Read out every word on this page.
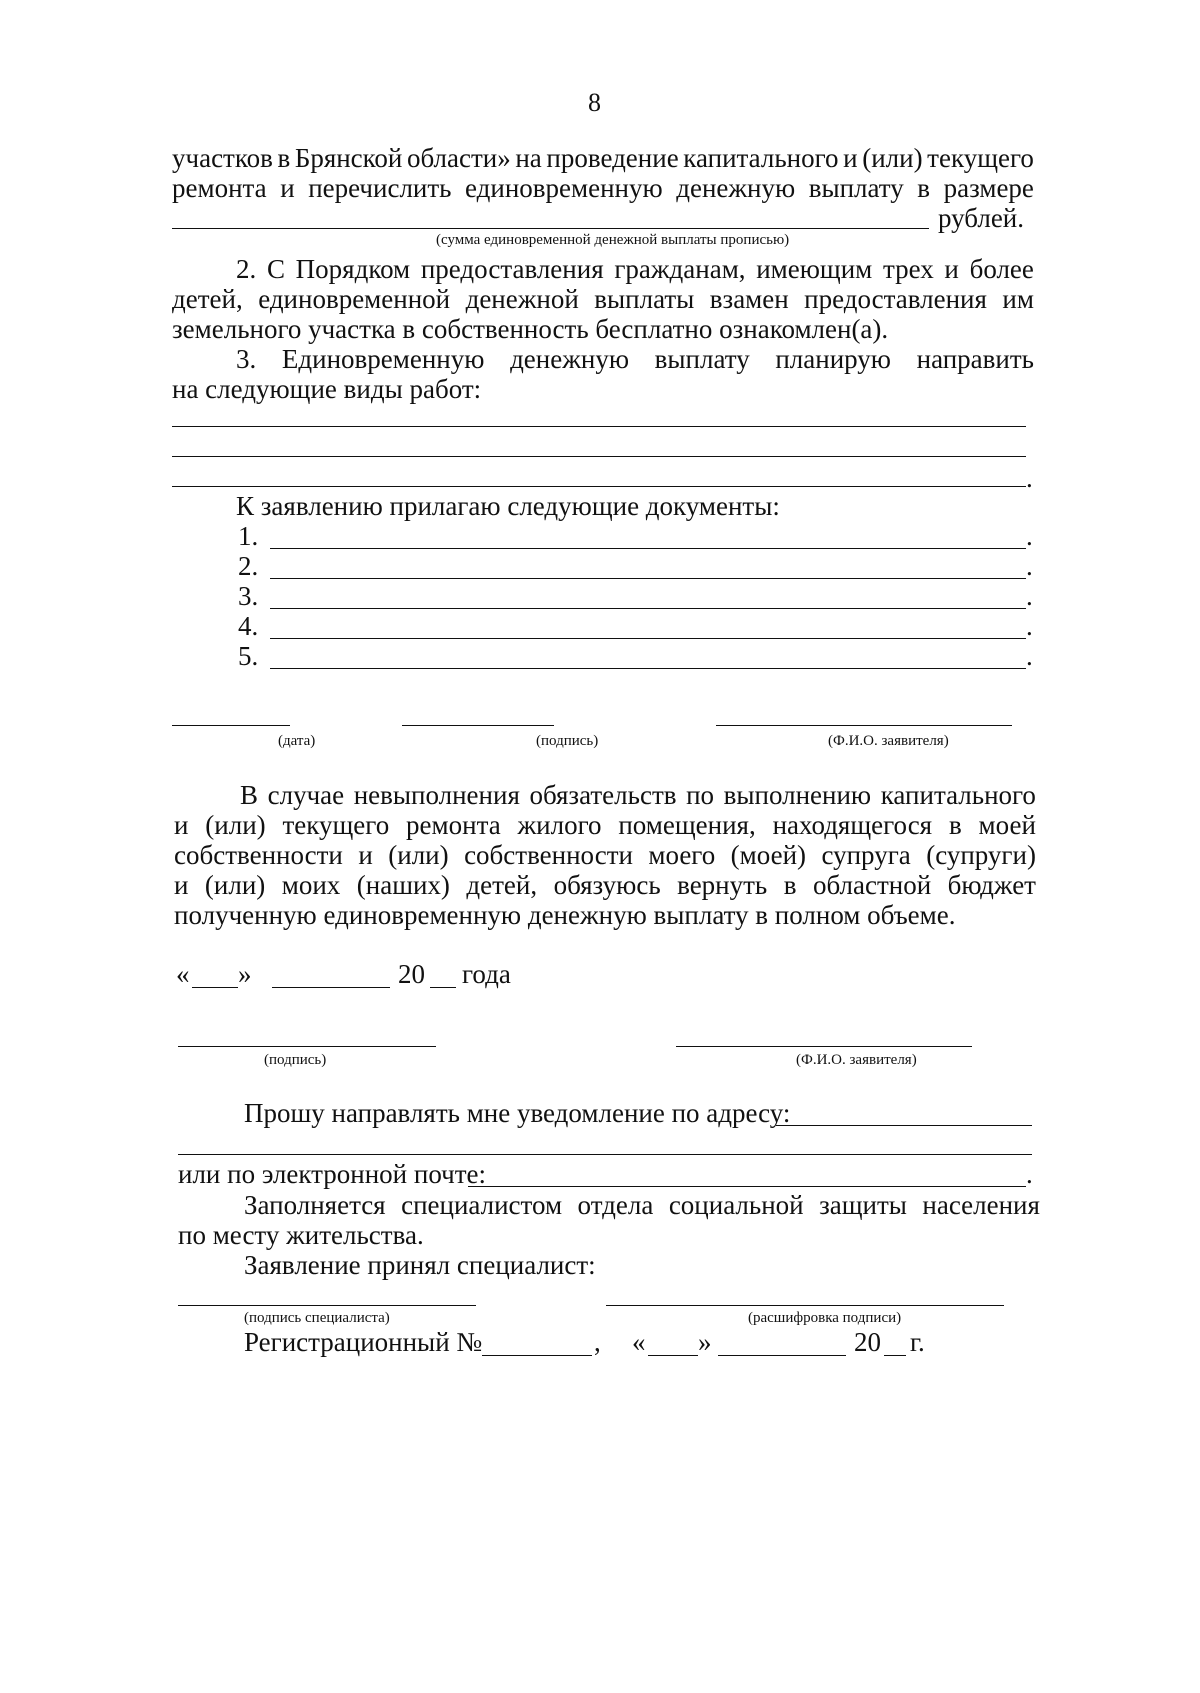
8
участков в Брянской области» на проведение капитального и (или) текущего
ремонта и перечислить единовременную денежную выплату в размере
рублей.
(сумма единовременной денежной выплаты прописью)
2. С Порядком предоставления гражданам, имеющим трех и более
детей, единовременной денежной выплаты взамен предоставления им
земельного участка в собственность бесплатно ознакомлен(а).
3. Единовременную денежную выплату планирую направить
на следующие виды работ:
.
К заявлению прилагаю следующие документы:
1.	.
2.	.
3.	.
4.	.
5.	.
(дата)	(подпись)	(Ф.И.О. заявителя)
В случае невыполнения обязательств по выполнению капитального
и (или) текущего ремонта жилого помещения, находящегося в моей
собственности и (или) собственности моего (моей) супруга (супруги)
и (или) моих (наших) детей, обязуюсь вернуть в областной бюджет
полученную единовременную денежную выплату в полном объеме.
« »	20 года
(подпись)	(Ф.И.О. заявителя)
Прошу направлять мне уведомление по адресу:
или по электронной почте:	.
Заполняется специалистом отдела социальной защиты населения
по месту жительства.
Заявление принял специалист:
(подпись специалиста)	(расшифровка подписи)
Регистрационный №	, « »	20 г.
